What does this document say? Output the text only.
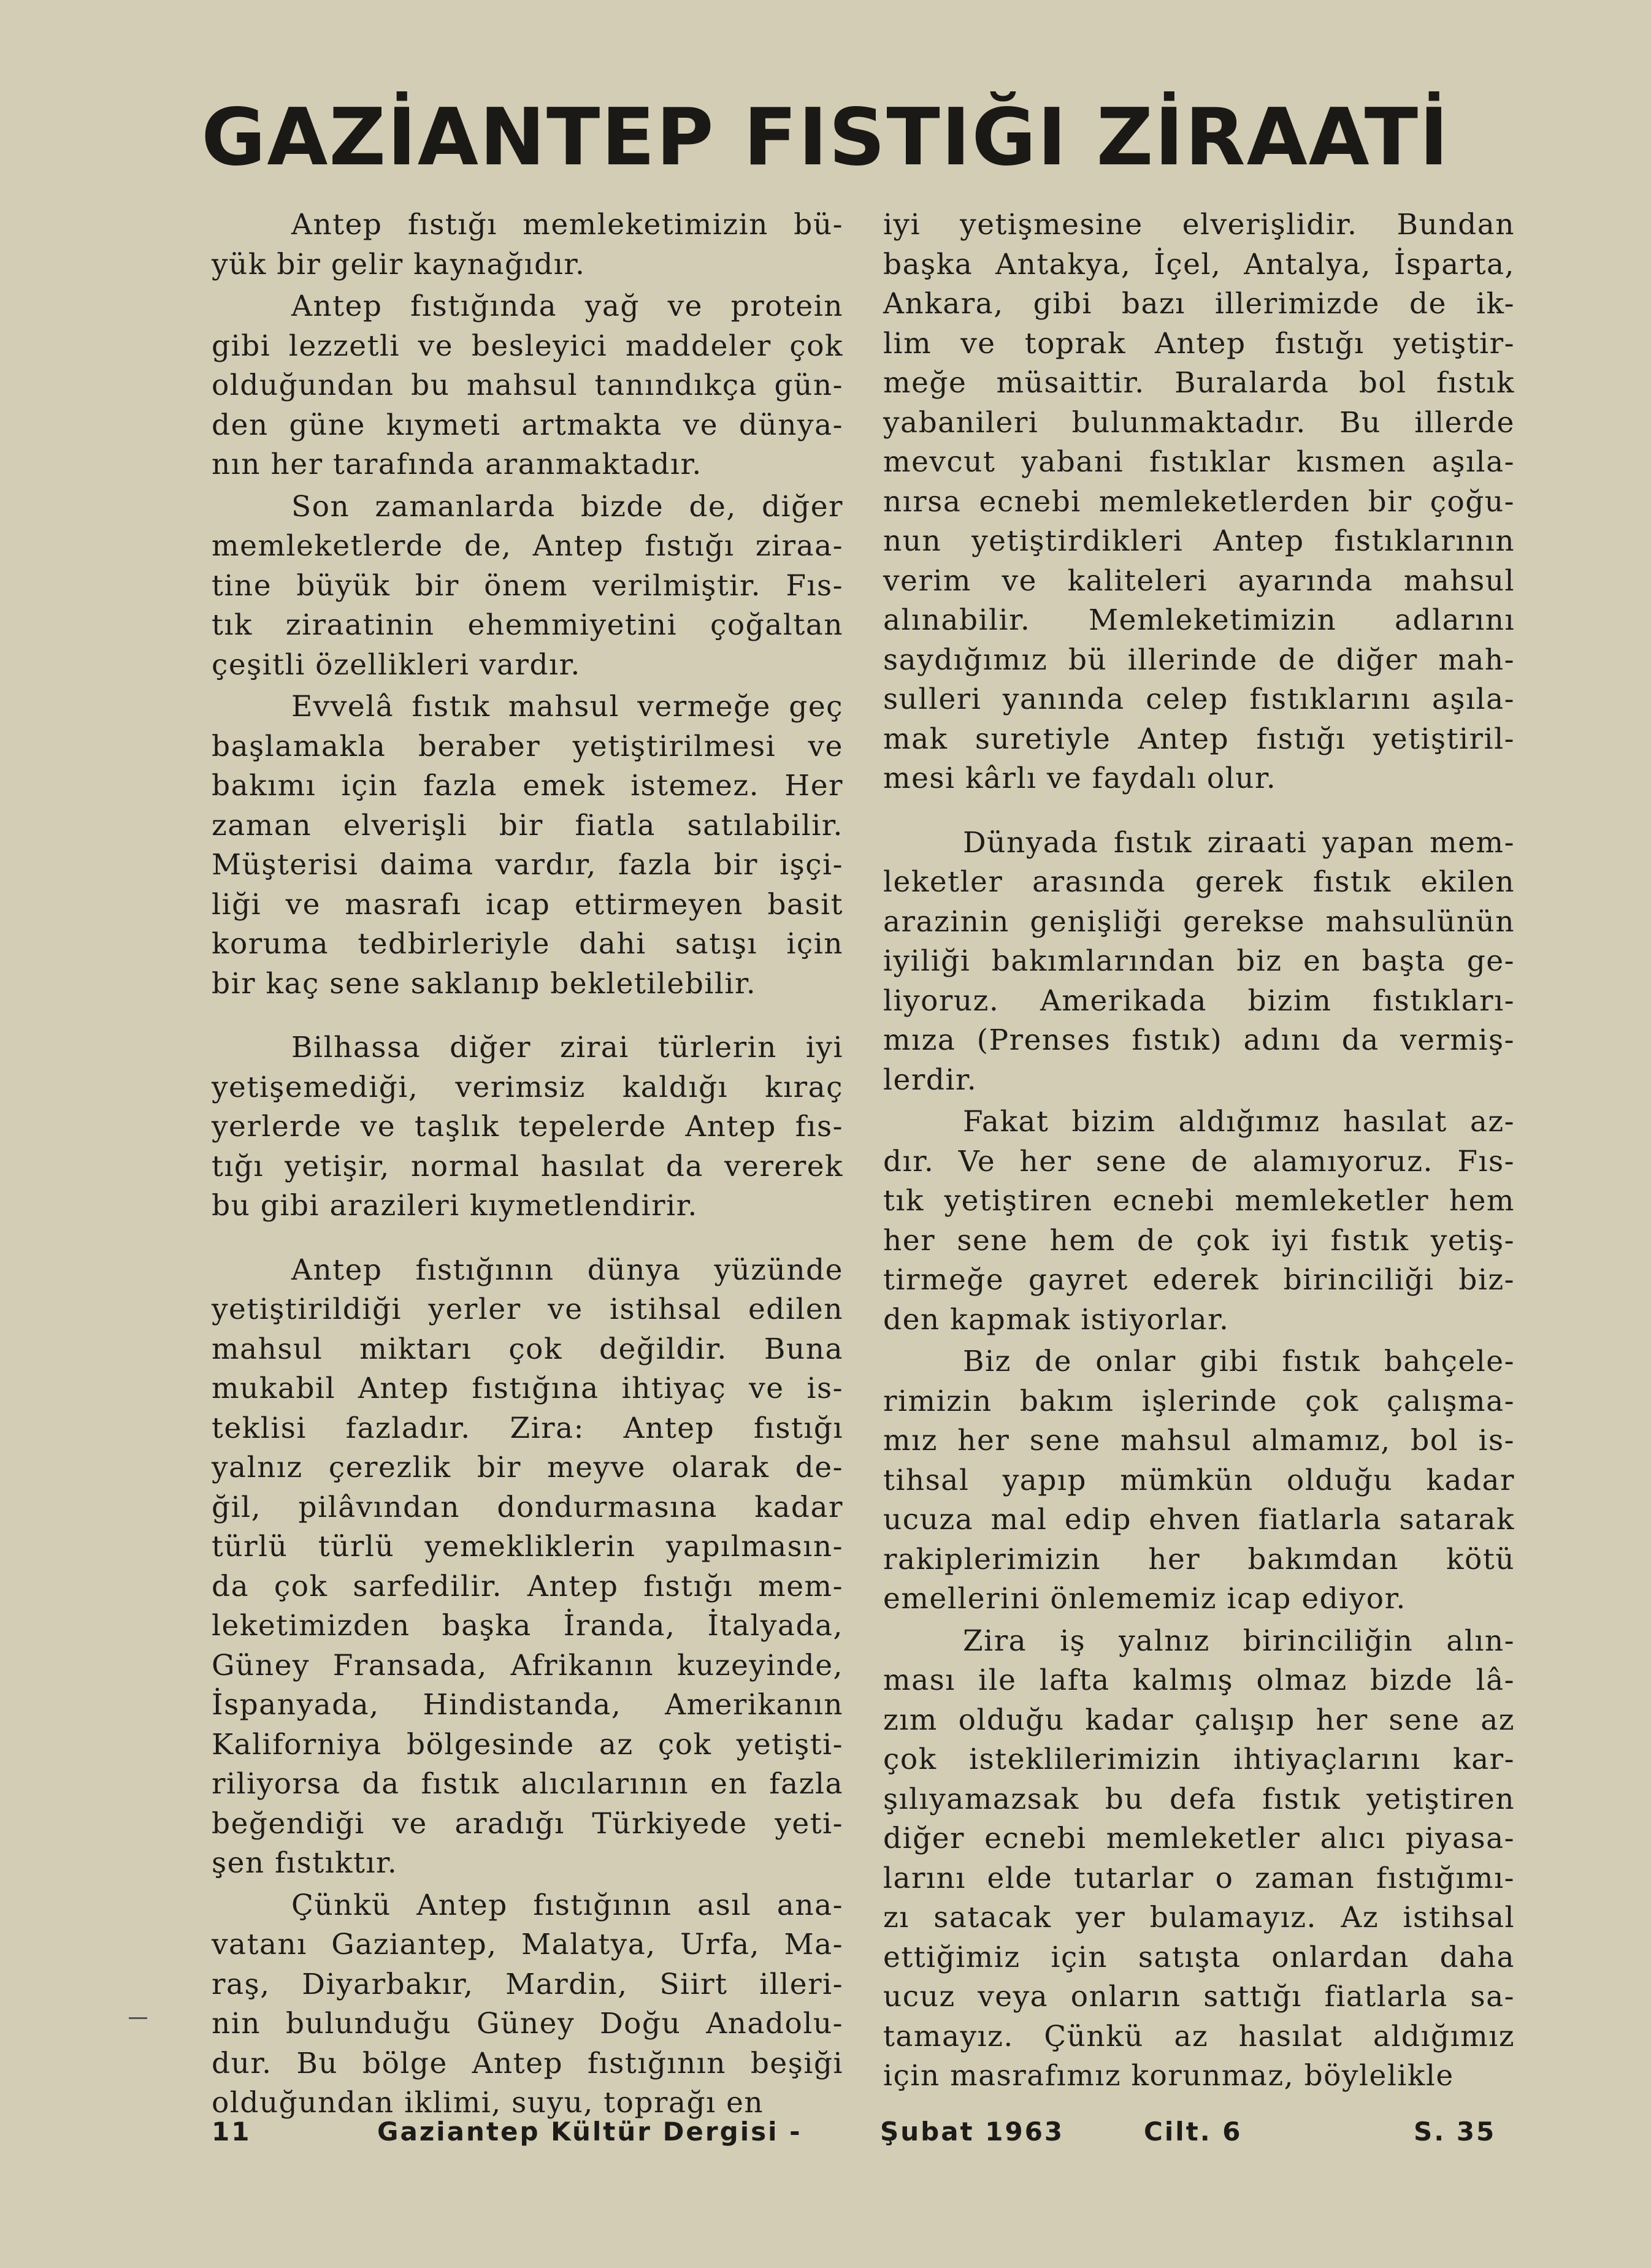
GAZİANTEP FISTIĞI ZİRAATİ

Antep fıstığı memleketimizin bü-
yük bir gelir kaynağıdır.

Antep fıstığında yağ ve protein
gibi lezzetli ve besleyici maddeler çok
olduğundan bu mahsul tanındıkça gün-
den güne kıymeti artmakta ve dünya-
nın her tarafında aranmaktadır.

Son zamanlarda bizde de, diğer
memleketlerde de, Antep fıstığı ziraa-
tine büyük bir önem verilmiştir. Fıs-
tık ziraatinin ehemmiyetini çoğaltan
çeşitli özellikleri vardır.

Evvelâ fıstık mahsul vermeğe geç
başlamakla beraber yetiştirilmesi ve
bakımı için fazla emek istemez. Her
zaman elverişli bir fiatla satılabilir.
Müşterisi daima vardır, fazla bir işçi-
liği ve masrafı icap ettirmeyen basit
koruma tedbirleriyle dahi satışı için
bir kaç sene saklanıp bekletilebilir.

Bilhassa diğer zirai türlerin iyi
yetişemediği, verimsiz kaldığı kıraç
yerlerde ve taşlık tepelerde Antep fıs-
tığı yetişir, normal hasılat da vererek
bu gibi arazileri kıymetlendirir.

Antep fıstığının dünya yüzünde
yetiştirildiği yerler ve istihsal edilen
mahsul miktarı çok değildir. Buna
mukabil Antep fıstığına ihtiyaç ve is-
teklisi fazladır. Zira: Antep fıstığı
yalnız çerezlik bir meyve olarak de-
ğil, pilâvından dondurmasına kadar
türlü türlü yemekliklerin yapılmasın-
da çok sarfedilir. Antep fıstığı mem-
leketimizden başka İranda, İtalyada,
Güney Fransada, Afrikanın kuzeyinde,
İspanyada, Hindistanda, Amerikanın
Kaliforniya bölgesinde az çok yetişti-
riliyorsa da fıstık alıcılarının en fazla
beğendiği ve aradığı Türkiyede yeti-
şen fıstıktır.

Çünkü Antep fıstığının asıl ana-
vatanı Gaziantep, Malatya, Urfa, Ma-
raş, Diyarbakır, Mardin, Siirt illeri-
nin bulunduğu Güney Doğu Anadolu-
dur. Bu bölge Antep fıstığının beşiği
olduğundan iklimi, suyu, toprağı en

iyi yetişmesine elverişlidir. Bundan
başka Antakya, İçel, Antalya, İsparta,
Ankara, gibi bazı illerimizde de ik-
lim ve toprak Antep fıstığı yetiştir-
meğe müsaittir. Buralarda bol fıstık
yabanileri bulunmaktadır. Bu illerde
mevcut yabani fıstıklar kısmen aşıla-
nırsa ecnebi memleketlerden bir çoğu-
nun yetiştirdikleri Antep fıstıklarının
verim ve kaliteleri ayarında mahsul
alınabilir. Memleketimizin adlarını
saydığımız bü illerinde de diğer mah-
sulleri yanında celep fıstıklarını aşıla-
mak suretiyle Antep fıstığı yetiştiril-
mesi kârlı ve faydalı olur.

Dünyada fıstık ziraati yapan mem-
leketler arasında gerek fıstık ekilen
arazinin genişliği gerekse mahsulünün
iyiliği bakımlarından biz en başta ge-
liyoruz. Amerikada bizim fıstıkları-
mıza (Prenses fıstık) adını da vermiş-
lerdir.

Fakat bizim aldığımız hasılat az-
dır. Ve her sene de alamıyoruz. Fıs-
tık yetiştiren ecnebi memleketler hem
her sene hem de çok iyi fıstık yetiş-
tirmeğe gayret ederek birinciliği biz-
den kapmak istiyorlar.

Biz de onlar gibi fıstık bahçele-
rimizin bakım işlerinde çok çalışma-
mız her sene mahsul almamız, bol is-
tihsal yapıp mümkün olduğu kadar
ucuza mal edip ehven fiatlarla satarak
rakiplerimizin her bakımdan kötü
emellerini önlememiz icap ediyor.

Zira iş yalnız birinciliğin alın-
ması ile lafta kalmış olmaz bizde lâ-
zım olduğu kadar çalışıp her sene az
çok isteklilerimizin ihtiyaçlarını kar-
şılıyamazsak bu defa fıstık yetiştiren
diğer ecnebi memleketler alıcı piyasa-
larını elde tutarlar o zaman fıstığımı-
zı satacak yer bulamayız. Az istihsal
ettiğimiz için satışta onlardan daha
ucuz veya onların sattığı fiatlarla sa-
tamayız. Çünkü az hasılat aldığımız
için masrafımız korunmaz, böylelikle

11	Gaziantep Kültür Dergisi -	Şubat 1963	Cilt. 6	S. 35
